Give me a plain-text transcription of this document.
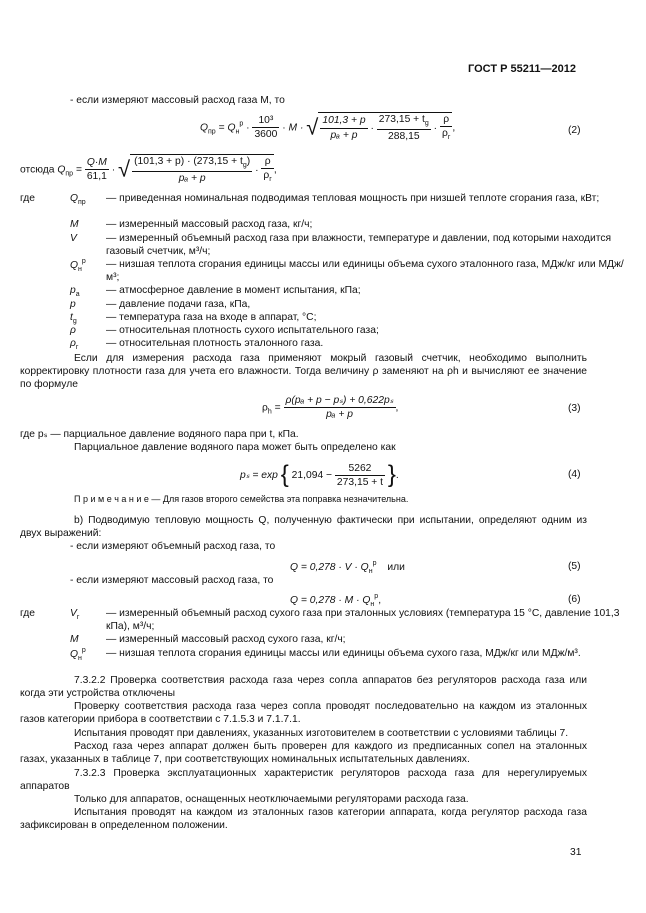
ГОСТ Р 55211—2012
- если измеряют массовый расход газа M, то
$Q_{пр} = Q_н^р \cdot \frac{\text{10³}}{3600} \cdot M$ · √ $\frac{101,3 + p}{\text{pₐ + p}} \cdot \frac{273,15 + t_g}{288,15} \cdot \frac{\rho}{\rho_г}$ ,	(2)
отсюда $Q_{пр} = \frac{Q\cdot M}{61,1}$ · √ $\frac{(101,3 + p) \cdot (273,15 + t_g)}{\text{pₐ + p}} \cdot \frac{\rho}{\rho_г}$ ,
где	$Q_{пр}$	— приведенная номинальная подводимая тепловая мощность при низшей теплоте сгорания газа, кВт;
M	— измеренный массовый расход газа, кг/ч;
V	— измеренный объемный расход газа при влажности, температуре и давлении, под которыми находится газовый счетчик, м³/ч;
$Q_н^р$	— низшая теплота сгорания единицы массы или единицы объема сухого эталонного газа, МДж/кг или МДж/м³;
$p_а$	— атмосферное давление в момент испытания, кПа;
p	— давление подачи газа, кПа,
$t_g$	— температура газа на входе в аппарат, °С;
ρ	— относительная плотность сухого испытательного газа;
$\rho_г$	— относительная плотность эталонного газа.
Если для измерения расхода газа применяют мокрый газовый счетчик, необходимо выполнить корректировку плотности газа для учета его влажности. Тогда величину ρ заменяют на ρh и вычисляют ее значение по формуле
$\rho_h = \frac{\text{ρ(pₐ + p − pₛ) + 0,622pₛ}}{\text{pₐ + p}}$ ,	(3)
где pₛ — парциальное давление водяного пара при t, кПа.
Парциальное давление водяного пара может быть определено как
pₛ = exp { $21,094 - \frac{5262}{273,15 + t}$ }.	(4)
П р и м е ч а н и е — Для газов второго семейства эта поправка незначительна.
b) Подводимую тепловую мощность Q, полученную фактически при испытании, определяют одним из двух выражений:
- если измеряют объемный расход газа, то
$Q = 0,278 \cdot V \cdot Q_н^р$ или	(5)
- если измеряют массовый расход газа, то
$Q = 0,278 \cdot M \cdot Q_н^р$,	(6)
где	$V_г$	— измеренный объемный расход сухого газа при эталонных условиях (температура 15 °С, давление 101,3 кПа), м³/ч;
M	— измеренный массовый расход сухого газа, кг/ч;
$Q_н^р$	— низшая теплота сгорания единицы массы или единицы объема сухого газа, МДж/кг или МДж/м³.
7.3.2.2 Проверка соответствия расхода газа через сопла аппаратов без регуляторов расхода газа или когда эти устройства отключены
Проверку соответствия расхода газа через сопла проводят последовательно на каждом из эталонных газов категории прибора в соответствии с 7.1.5.3 и 7.1.7.1.
Испытания проводят при давлениях, указанных изготовителем в соответствии с условиями таблицы 7.
Расход газа через аппарат должен быть проверен для каждого из предписанных сопел на эталонных газах, указанных в таблице 7, при соответствующих номинальных испытательных давлениях.
7.3.2.3 Проверка эксплуатационных характеристик регуляторов расхода газа для нерегулируемых аппаратов
Только для аппаратов, оснащенных неотключаемыми регуляторами расхода газа.
Испытания проводят на каждом из эталонных газов категории аппарата, когда регулятор расхода газа зафиксирован в определенном положении.
31
